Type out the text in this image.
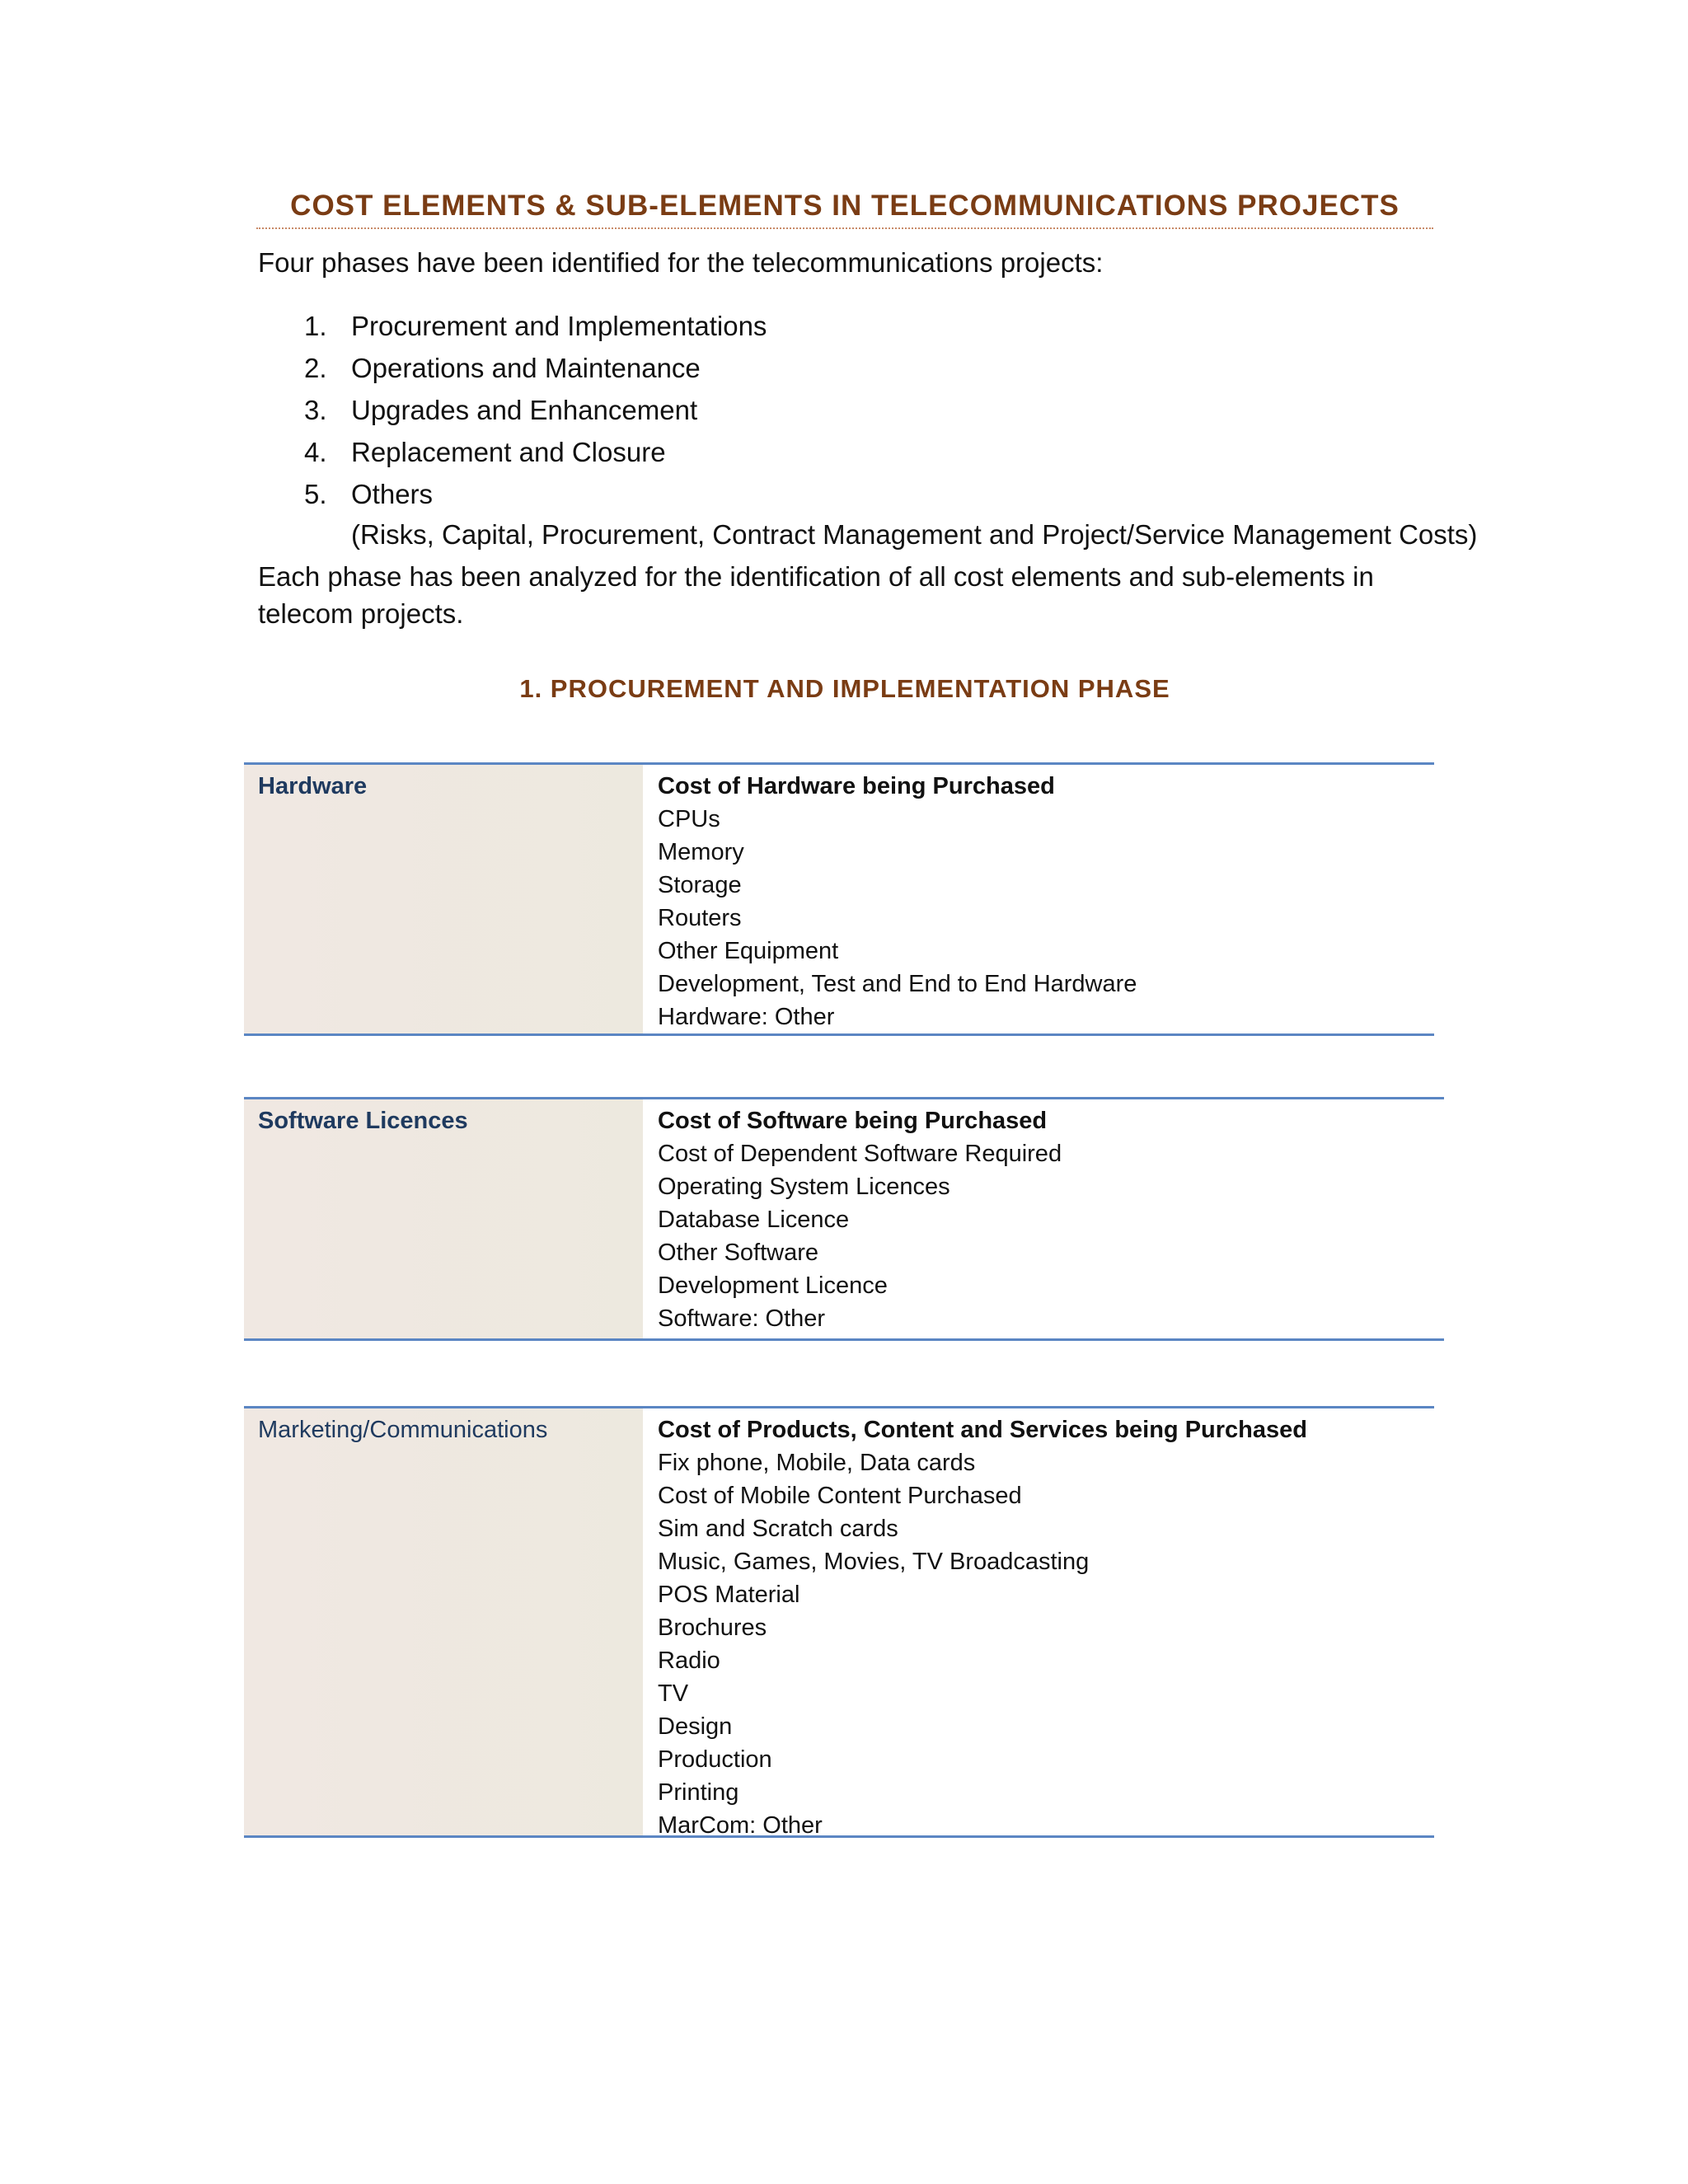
COST ELEMENTS & SUB-ELEMENTS IN TELECOMMUNICATIONS PROJECTS
Four phases have been identified for the telecommunications projects:
1. Procurement and Implementations
2. Operations and Maintenance
3. Upgrades and Enhancement
4. Replacement and Closure
5. Others
(Risks, Capital, Procurement, Contract Management and Project/Service Management Costs)
Each phase has been analyzed for the identification of all cost elements and sub-elements in telecom projects.
1. PROCUREMENT AND IMPLEMENTATION PHASE
Hardware	Cost of Hardware being Purchased
CPUs
Memory
Storage
Routers
Other Equipment
Development, Test and End to End Hardware
Hardware: Other
Software Licences	Cost of Software being Purchased
Cost of Dependent Software Required
Operating System Licences
Database Licence
Other Software
Development Licence
Software: Other
Marketing/Communications	Cost of Products, Content and Services being Purchased
Fix phone, Mobile, Data cards
Cost of Mobile Content Purchased
Sim and Scratch cards
Music, Games, Movies, TV Broadcasting
POS Material
Brochures
Radio
TV
Design
Production
Printing
MarCom: Other
